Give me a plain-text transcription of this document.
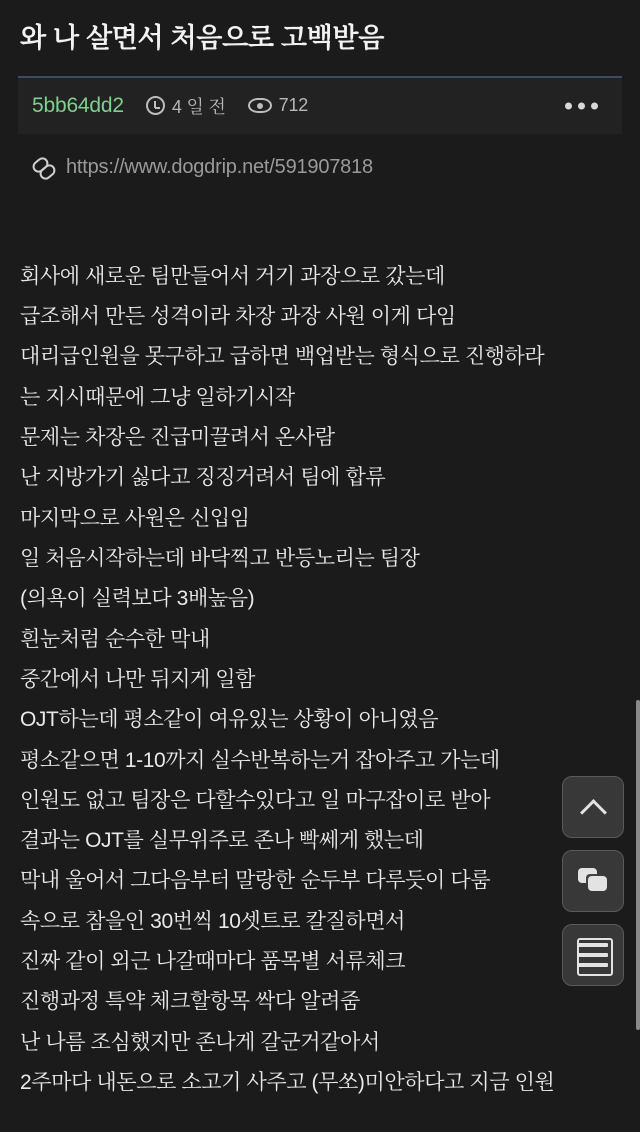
와 나 살면서 처음으로 고백받음
5bb64dd2	4 일 전	712
https://www.dogdrip.net/591907818
회사에 새로운 팀만들어서 거기 과장으로 갔는데
급조해서 만든 성격이라 차장 과장 사원 이게 다임
대리급인원을 못구하고 급하면 백업받는 형식으로 진행하라
는 지시때문에 그냥 일하기시작
문제는 차장은 진급미끌려서 온사람
난 지방가기 싫다고 징징거려서 팀에 합류
마지막으로 사원은 신입임
일 처음시작하는데 바닥찍고 반등노리는 팀장
(의욕이 실력보다 3배높음)
흰눈처럼 순수한 막내
중간에서 나만 뒤지게 일함
OJT하는데 평소같이 여유있는 상황이 아니였음
평소같으면 1-10까지 실수반복하는거 잡아주고 가는데
인원도 없고 팀장은 다할수있다고 일 마구잡이로 받아
결과는 OJT를 실무위주로 존나 빡쎄게 했는데
막내 울어서 그다음부터 말랑한 순두부 다루듯이 다룸
속으로 참을인 30번씩 10셋트로 칼질하면서
진짜 같이 외근 나갈때마다 품목별 서류체크
진행과정 특약 체크할항목 싹다 알려줌
난 나름 조심했지만 존나게 갈군거같아서
2주마다 내돈으로 소고기 사주고 (무쏘)미안하다고 지금 인원
